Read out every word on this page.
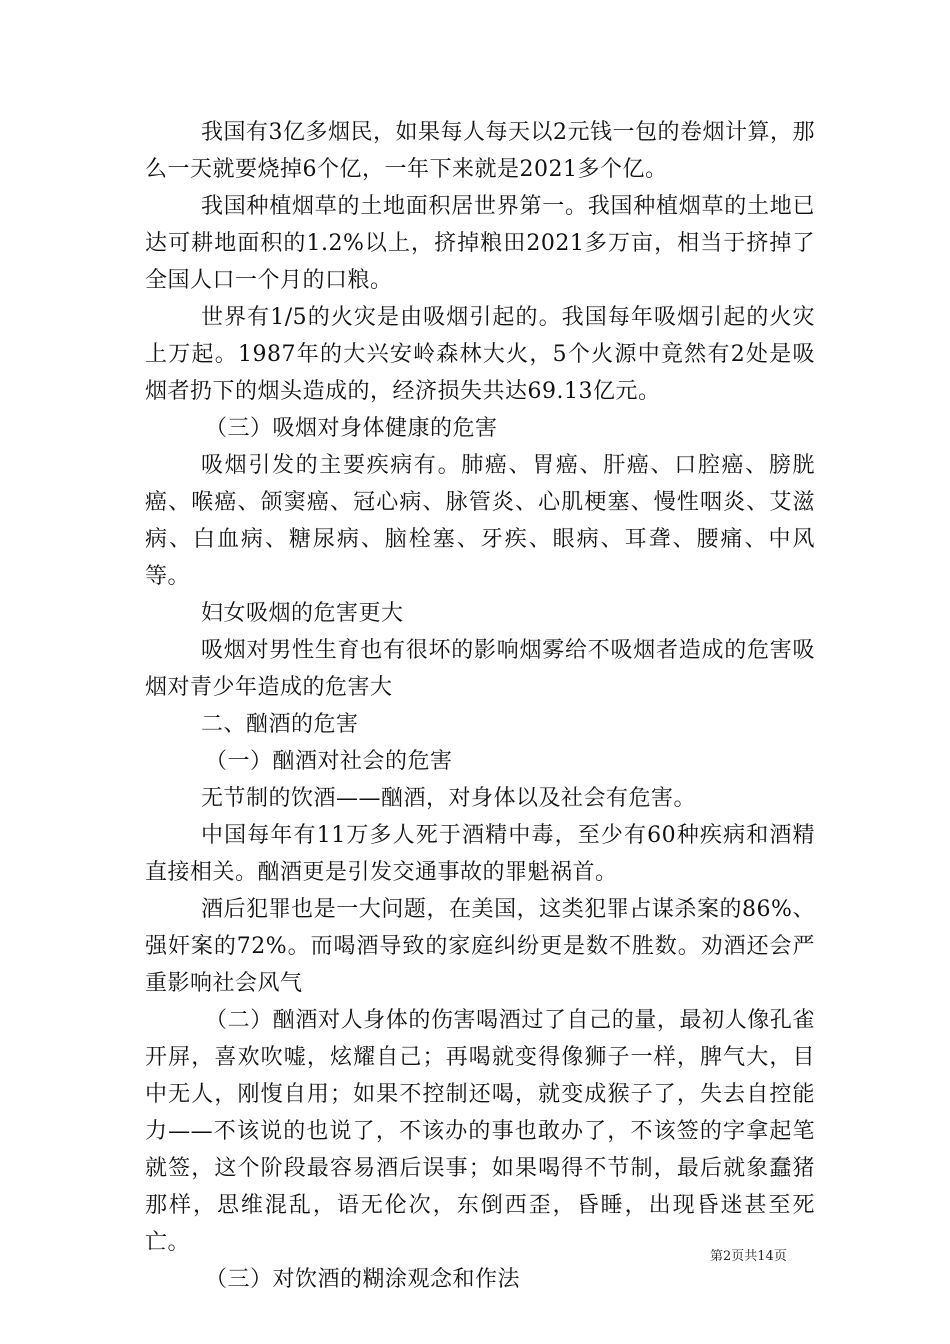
我国有3亿多烟民，如果每人每天以2元钱一包的卷烟计算，那么一天就要烧掉6个亿，一年下来就是2021多个亿。

我国种植烟草的土地面积居世界第一。我国种植烟草的土地已达可耕地面积的1.2%以上，挤掉粮田2021多万亩，相当于挤掉了全国人口一个月的口粮。

世界有1/5的火灾是由吸烟引起的。我国每年吸烟引起的火灾上万起。1987年的大兴安岭森林大火，5个火源中竟然有2处是吸烟者扔下的烟头造成的，经济损失共达69.13亿元。

（三）吸烟对身体健康的危害

吸烟引发的主要疾病有。肺癌、胃癌、肝癌、口腔癌、膀胱癌、喉癌、颌窦癌、冠心病、脉管炎、心肌梗塞、慢性咽炎、艾滋病、白血病、糖尿病、脑栓塞、牙疾、眼病、耳聋、腰痛、中风等。

妇女吸烟的危害更大

吸烟对男性生育也有很坏的影响烟雾给不吸烟者造成的危害吸烟对青少年造成的危害大

二、酗酒的危害

（一）酗酒对社会的危害

无节制的饮酒——酗酒，对身体以及社会有危害。

中国每年有11万多人死于酒精中毒，至少有60种疾病和酒精直接相关。酗酒更是引发交通事故的罪魁祸首。

酒后犯罪也是一大问题，在美国，这类犯罪占谋杀案的86%、强奸案的72%。而喝酒导致的家庭纠纷更是数不胜数。劝酒还会严重影响社会风气

（二）酗酒对人身体的伤害喝酒过了自己的量，最初人像孔雀开屏，喜欢吹嘘，炫耀自己；再喝就变得像狮子一样，脾气大，目中无人，刚愎自用；如果不控制还喝，就变成猴子了，失去自控能力——不该说的也说了，不该办的事也敢办了，不该签的字拿起笔就签，这个阶段最容易酒后误事；如果喝得不节制，最后就象蠢猪那样，思维混乱，语无伦次，东倒西歪，昏睡，出现昏迷甚至死亡。

（三）对饮酒的糊涂观念和作法

第2页共14页
